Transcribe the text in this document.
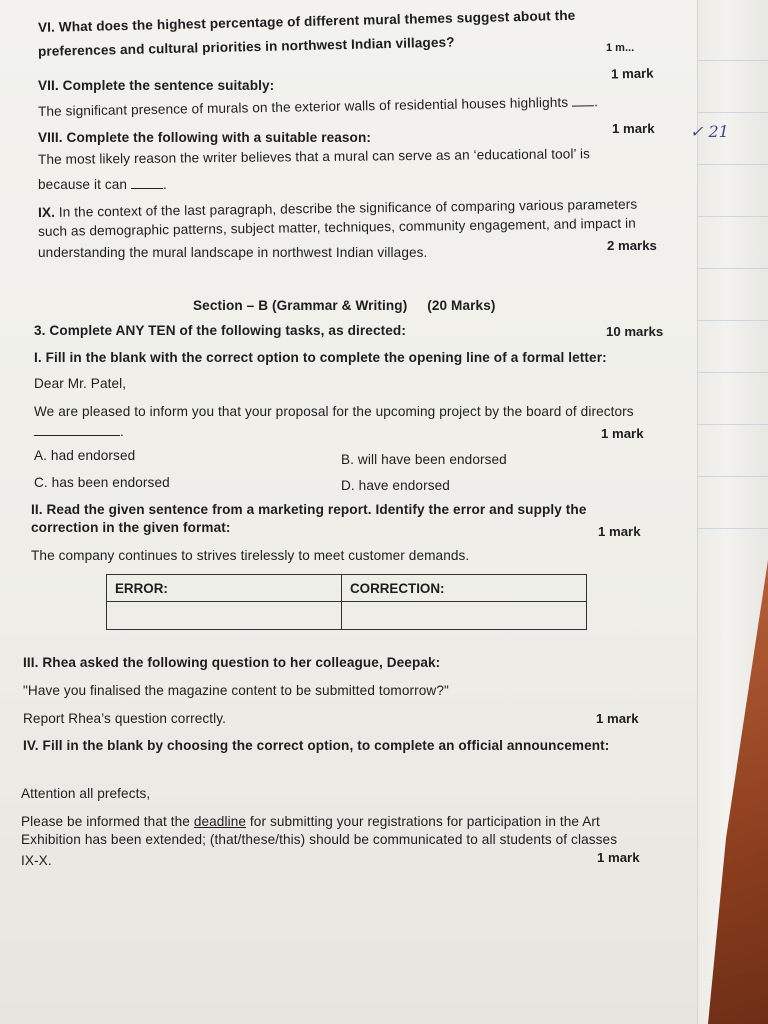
✓ 21
VI. What does the highest percentage of different mural themes suggest about the
preferences and cultural priorities in northwest Indian villages?	1 m...
1 mark
VII. Complete the sentence suitably:
The significant presence of murals on the exterior walls of residential houses highlights .
1 mark
VIII. Complete the following with a suitable reason:
The most likely reason the writer believes that a mural can serve as an ‘educational tool’ is
because it can	.
IX. In the context of the last paragraph, describe the significance of comparing various parameters
such as demographic patterns, subject matter, techniques, community engagement, and impact in
understanding the mural landscape in northwest Indian villages.	2 marks
Section – B (Grammar & Writing) (20 Marks)
3. Complete ANY TEN of the following tasks, as directed:	10 marks
I. Fill in the blank with the correct option to complete the opening line of a formal letter:
Dear Mr. Patel,
We are pleased to inform you that your proposal for the upcoming project by the board of directors
.	1 mark
A. had endorsed	B. will have been endorsed
C. has been endorsed	D. have endorsed
II. Read the given sentence from a marketing report. Identify the error and supply the
correction in the given format:	1 mark
The company continues to strives tirelessly to meet customer demands.
ERROR:	CORRECTION:

III. Rhea asked the following question to her colleague, Deepak:
"Have you finalised the magazine content to be submitted tomorrow?"
Report Rhea’s question correctly.	1 mark
IV. Fill in the blank by choosing the correct option, to complete an official announcement:
Attention all prefects,
Please be informed that the deadline for submitting your registrations for participation in the Art
Exhibition has been extended; (that/these/this) should be communicated to all students of classes
IX-X.	1 mark
